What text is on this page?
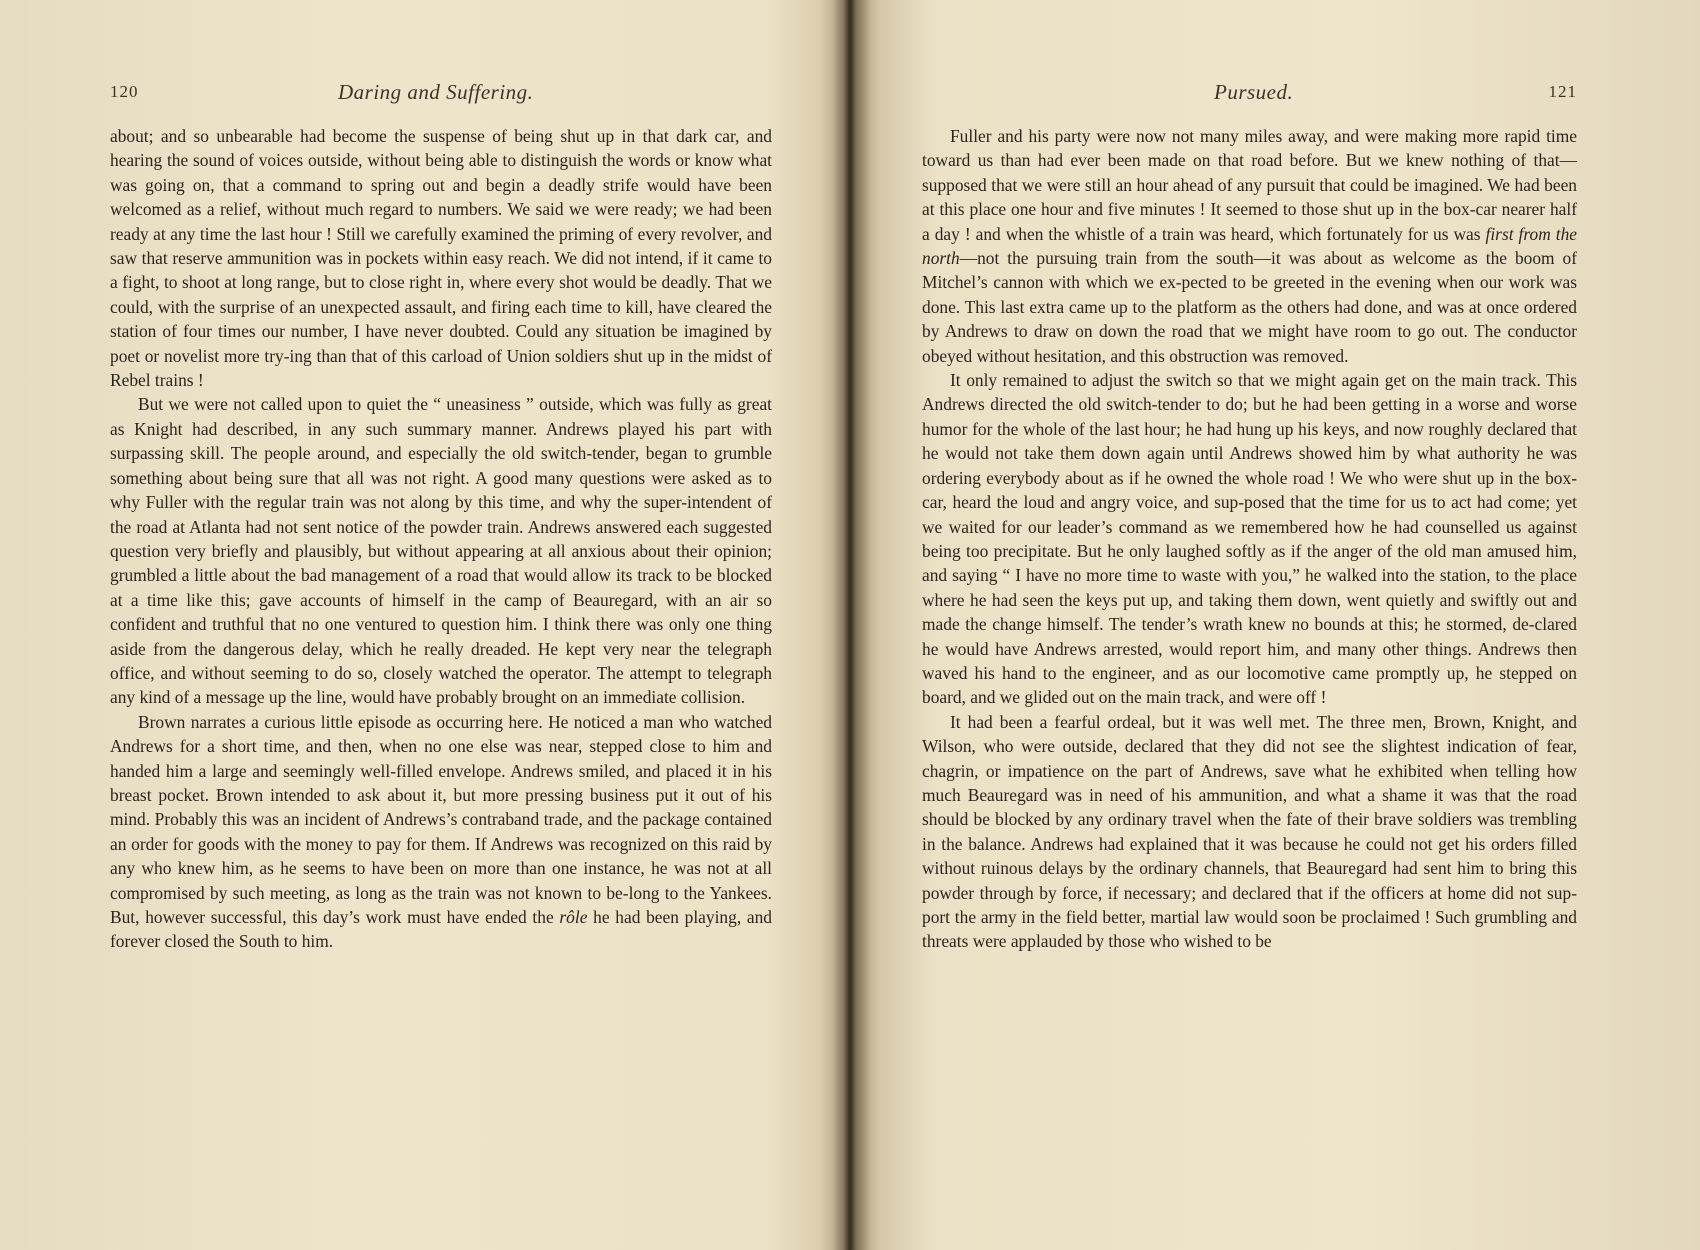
120	Daring and Suffering.

about; and so unbearable had become the suspense of being shut up in that dark car, and hearing the sound of voices outside, without being able to distinguish the words or know what was going on, that a command to spring out and begin a deadly strife would have been welcomed as a relief, without much regard to numbers. We said we were ready; we had been ready at any time the last hour ! Still we carefully examined the priming of every revolver, and saw that reserve ammunition was in pockets within easy reach. We did not intend, if it came to a fight, to shoot at long range, but to close right in, where every shot would be deadly. That we could, with the surprise of an unexpected assault, and firing each time to kill, have cleared the station of four times our number, I have never doubted. Could any situation be imagined by poet or novelist more try-ing than that of this carload of Union soldiers shut up in the midst of Rebel trains !

But we were not called upon to quiet the “ uneasiness ” outside, which was fully as great as Knight had described, in any such summary manner. Andrews played his part with surpassing skill. The people around, and especially the old switch-tender, began to grumble something about being sure that all was not right. A good many questions were asked as to why Fuller with the regular train was not along by this time, and why the super-intendent of the road at Atlanta had not sent notice of the powder train. Andrews answered each suggested question very briefly and plausibly, but without appearing at all anxious about their opinion; grumbled a little about the bad management of a road that would allow its track to be blocked at a time like this; gave accounts of himself in the camp of Beauregard, with an air so confident and truthful that no one ventured to question him. I think there was only one thing aside from the dangerous delay, which he really dreaded. He kept very near the telegraph office, and without seeming to do so, closely watched the operator. The attempt to telegraph any kind of a message up the line, would have probably brought on an immediate collision.

Brown narrates a curious little episode as occurring here. He noticed a man who watched Andrews for a short time, and then, when no one else was near, stepped close to him and handed him a large and seemingly well-filled envelope. Andrews smiled, and placed it in his breast pocket. Brown intended to ask about it, but more pressing business put it out of his mind. Probably this was an incident of Andrews’s contraband trade, and the package contained an order for goods with the money to pay for them. If Andrews was recognized on this raid by any who knew him, as he seems to have been on more than one instance, he was not at all compromised by such meeting, as long as the train was not known to be-long to the Yankees. But, however successful, this day’s work must have ended the rôle he had been playing, and forever closed the South to him.

Pursued.	121

Fuller and his party were now not many miles away, and were making more rapid time toward us than had ever been made on that road before. But we knew nothing of that—supposed that we were still an hour ahead of any pursuit that could be imagined. We had been at this place one hour and five minutes ! It seemed to those shut up in the box-car nearer half a day ! and when the whistle of a train was heard, which fortunately for us was first from the north—not the pursuing train from the south—it was about as welcome as the boom of Mitchel’s cannon with which we ex-pected to be greeted in the evening when our work was done. This last extra came up to the platform as the others had done, and was at once ordered by Andrews to draw on down the road that we might have room to go out. The conductor obeyed without hesitation, and this obstruction was removed.

It only remained to adjust the switch so that we might again get on the main track. This Andrews directed the old switch-tender to do; but he had been getting in a worse and worse humor for the whole of the last hour; he had hung up his keys, and now roughly declared that he would not take them down again until Andrews showed him by what authority he was ordering everybody about as if he owned the whole road ! We who were shut up in the box-car, heard the loud and angry voice, and sup-posed that the time for us to act had come; yet we waited for our leader’s command as we remembered how he had counselled us against being too precipitate. But he only laughed softly as if the anger of the old man amused him, and saying “ I have no more time to waste with you,” he walked into the station, to the place where he had seen the keys put up, and taking them down, went quietly and swiftly out and made the change himself. The tender’s wrath knew no bounds at this; he stormed, de-clared he would have Andrews arrested, would report him, and many other things. Andrews then waved his hand to the engineer, and as our locomotive came promptly up, he stepped on board, and we glided out on the main track, and were off !

It had been a fearful ordeal, but it was well met. The three men, Brown, Knight, and Wilson, who were outside, declared that they did not see the slightest indication of fear, chagrin, or impatience on the part of Andrews, save what he exhibited when telling how much Beauregard was in need of his ammunition, and what a shame it was that the road should be blocked by any ordinary travel when the fate of their brave soldiers was trembling in the balance. Andrews had explained that it was because he could not get his orders filled without ruinous delays by the ordinary channels, that Beauregard had sent him to bring this powder through by force, if necessary; and declared that if the officers at home did not sup-port the army in the field better, martial law would soon be proclaimed ! Such grumbling and threats were applauded by those who wished to be
